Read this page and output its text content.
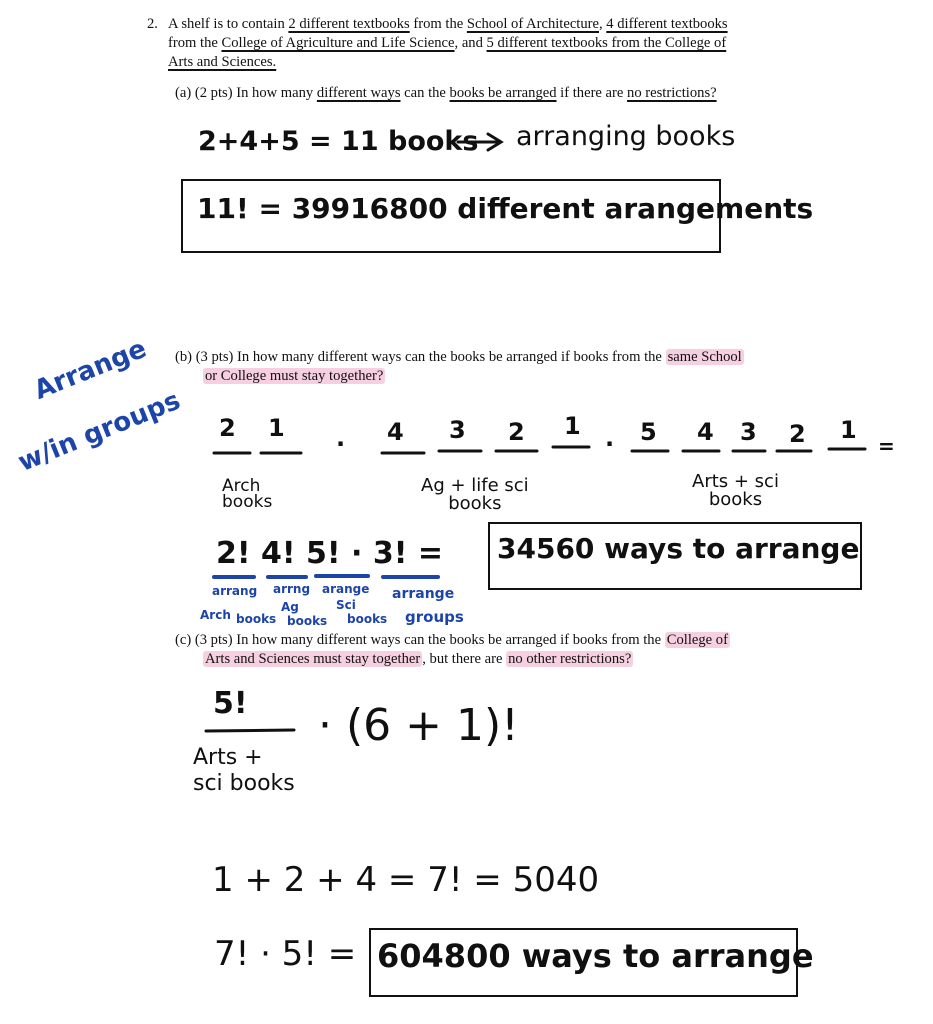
2. A shelf is to contain 2 different textbooks from the School of Architecture, 4 different textbooks
from the College of Agriculture and Life Science, and 5 different textbooks from the College of
Arts and Sciences.
(a) (2 pts) In how many different ways can the books be arranged if there are no restrictions?
2+4+5 = 11 books arranging books
11! = 39916800 different arangements
(b) (3 pts) In how many different ways can the books be arranged if books from the same School
or College must stay together?
Arrange
w/in groups 2 1
· 4 3 2 1
· 5 4 3 2 1
=
Arch
books
Ag + life sci
books
Arts + sci
books
2! 4! 5! · 3! = 34560 ways to arrange
arrang arrng arange arrange
Arch books
Ag
books
Sci
books groups
(c) (3 pts) In how many different ways can the books be arranged if books from the College of
Arts and Sciences must stay together , but there are no other restrictions?
5!
Arts +
sci books
· (6 + 1)!
1 + 2 + 4 = 7! = 5040
7! · 5! = 604800 ways to arrange
